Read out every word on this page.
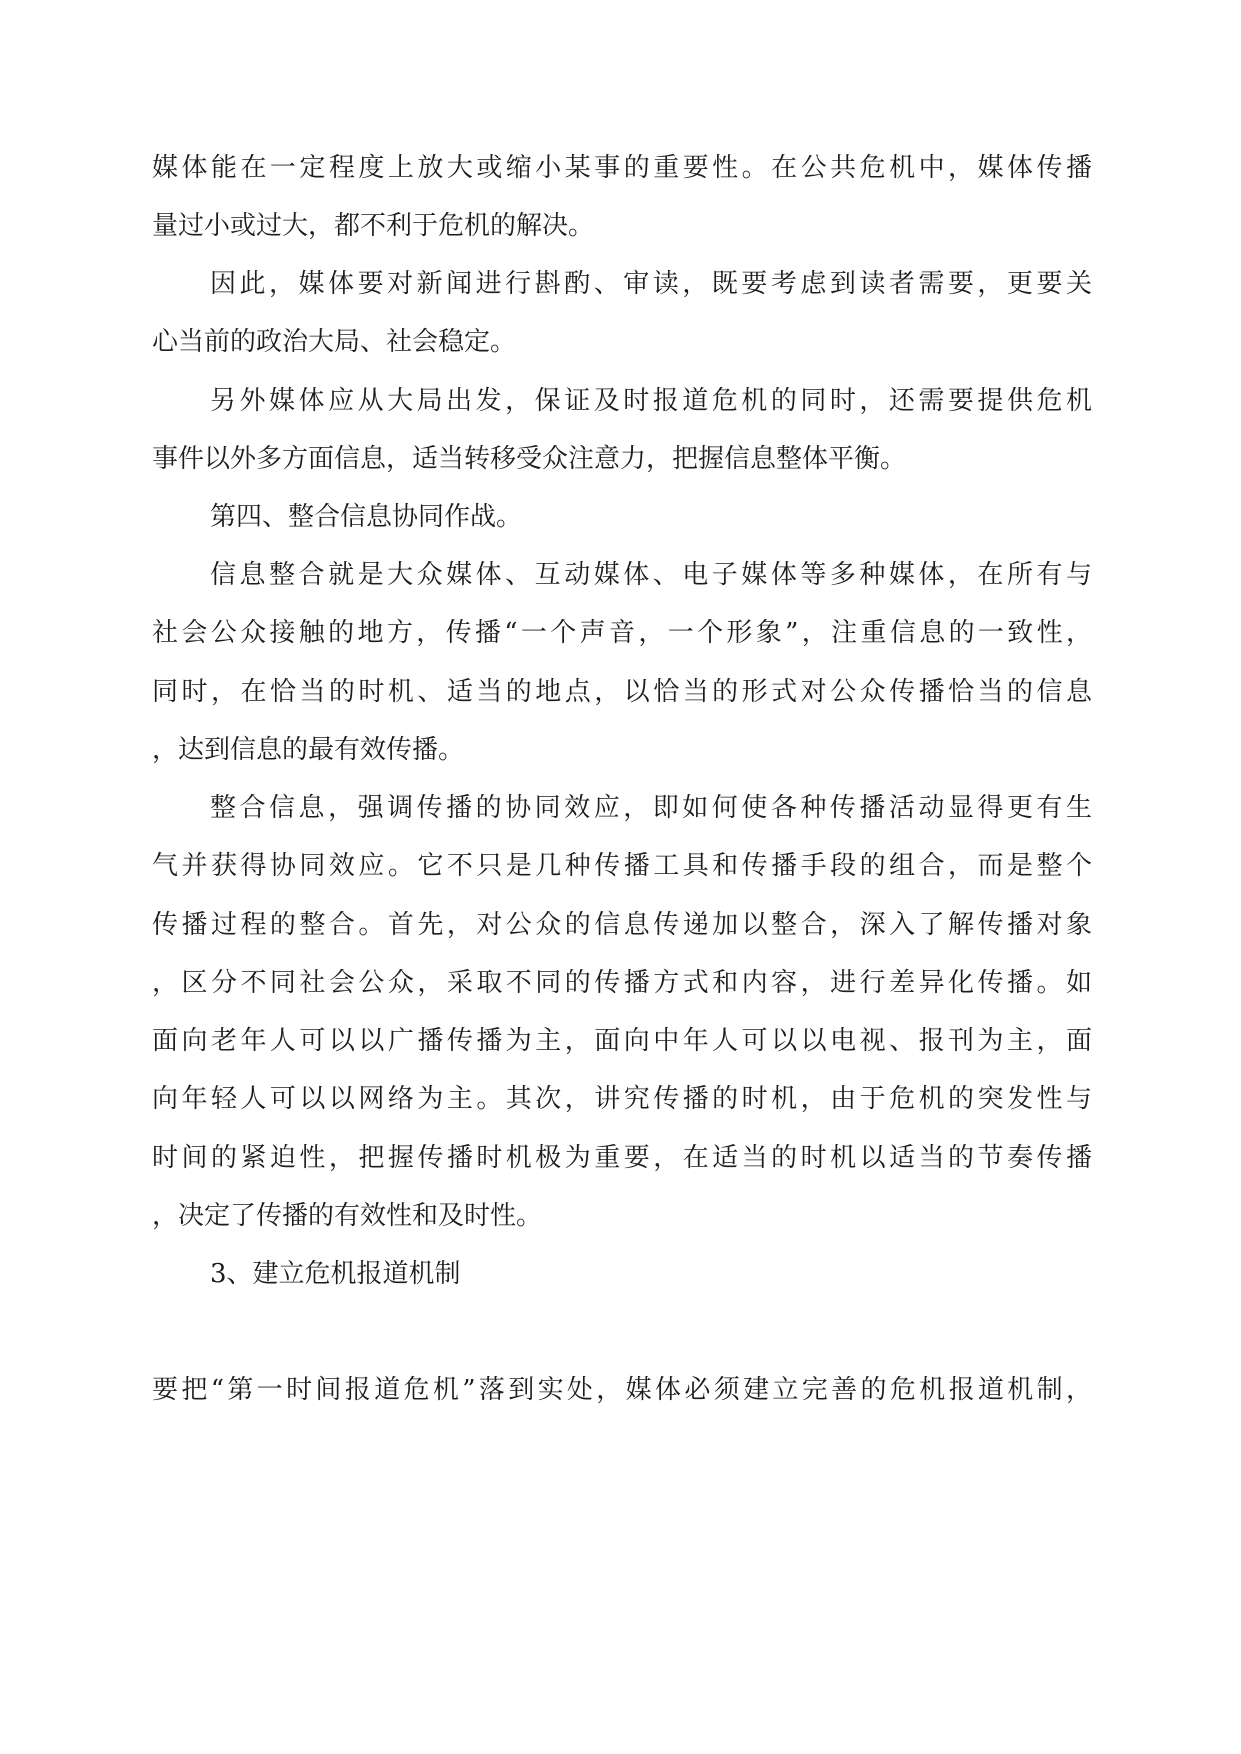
媒体能在一定程度上放大或缩小某事的重要性。在公共危机中，媒体传播

量过小或过大，都不利于危机的解决。

因此，媒体要对新闻进行斟酌、审读，既要考虑到读者需要，更要关

心当前的政治大局、社会稳定。

另外媒体应从大局出发，保证及时报道危机的同时，还需要提供危机

事件以外多方面信息，适当转移受众注意力，把握信息整体平衡。

第四、整合信息协同作战。

信息整合就是大众媒体、互动媒体、电子媒体等多种媒体，在所有与

社会公众接触的地方，传播“一个声音，一个形象”，注重信息的一致性，

同时，在恰当的时机、适当的地点，以恰当的形式对公众传播恰当的信息

，达到信息的最有效传播。

整合信息，强调传播的协同效应，即如何使各种传播活动显得更有生

气并获得协同效应。它不只是几种传播工具和传播手段的组合，而是整个

传播过程的整合。首先，对公众的信息传递加以整合，深入了解传播对象

，区分不同社会公众，采取不同的传播方式和内容，进行差异化传播。如

面向老年人可以以广播传播为主，面向中年人可以以电视、报刊为主，面

向年轻人可以以网络为主。其次，讲究传播的时机，由于危机的突发性与

时间的紧迫性，把握传播时机极为重要，在适当的时机以适当的节奏传播

，决定了传播的有效性和及时性。

3、建立危机报道机制

要把“第一时间报道危机”落到实处，媒体必须建立完善的危机报道机制，
